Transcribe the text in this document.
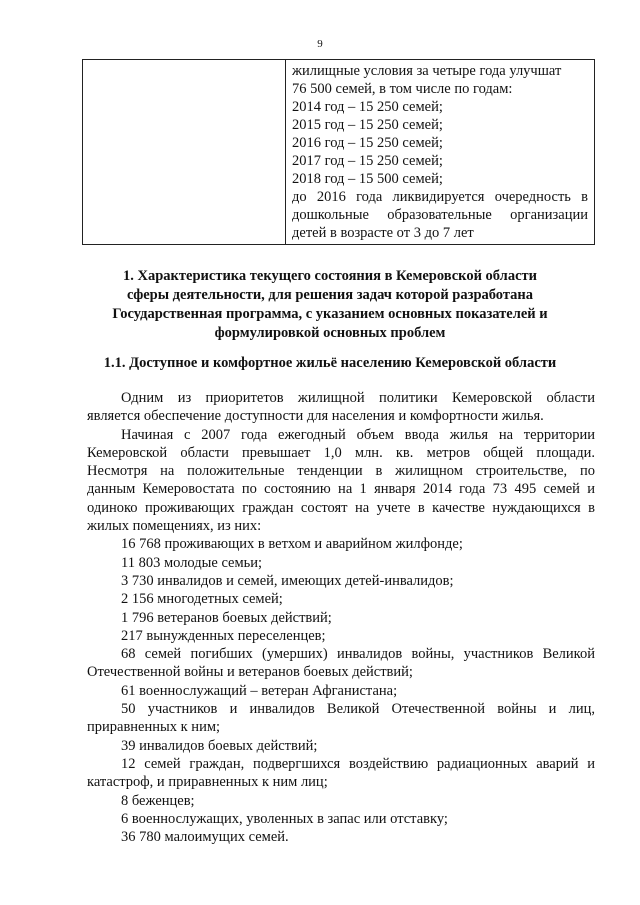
9

жилищные условия за четыре года улучшат
76 500 семей, в том числе по годам:
2014 год – 15 250 семей;
2015 год – 15 250 семей;
2016 год – 15 250 семей;
2017 год – 15 250 семей;
2018 год – 15 500 семей;
до 2016 года ликвидируется очередность в
дошкольные образовательные организации
детей в возрасте от 3 до 7 лет
1. Характеристика текущего состояния в Кемеровской области
сферы деятельности, для решения задач которой разработана
Государственная программа, с указанием основных показателей и
формулировкой основных проблем
1.1. Доступное и комфортное жильё населению Кемеровской области
Одним из приоритетов жилищной политики Кемеровской области
является обеспечение доступности для населения и комфортности жилья.
Начиная с 2007 года ежегодный объем ввода жилья на территории
Кемеровской области превышает 1,0 млн. кв. метров общей площади.
Несмотря на положительные тенденции в жилищном строительстве, по
данным Кемеровостата по состоянию на 1 января 2014 года 73 495 семей и
одиноко проживающих граждан состоят на учете в качестве нуждающихся в
жилых помещениях, из них:
16 768 проживающих в ветхом и аварийном жилфонде;
11 803 молодые семьи;
3 730 инвалидов и семей, имеющих детей-инвалидов;
2 156 многодетных семей;
1 796 ветеранов боевых действий;
217 вынужденных переселенцев;
68 семей погибших (умерших) инвалидов войны, участников Великой
Отечественной войны и ветеранов боевых действий;
61 военнослужащий – ветеран Афганистана;
50 участников и инвалидов Великой Отечественной войны и лиц,
приравненных к ним;
39 инвалидов боевых действий;
12 семей граждан, подвергшихся воздействию радиационных аварий и
катастроф, и приравненных к ним лиц;
8 беженцев;
6 военнослужащих, уволенных в запас или отставку;
36 780 малоимущих семей.
